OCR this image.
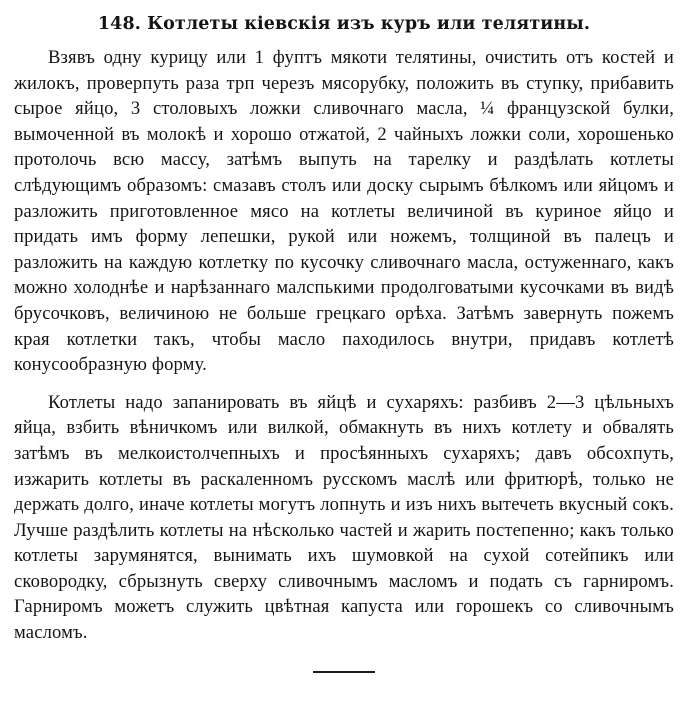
148. Котлеты кіевскія изъ куръ или телятины.

Взявъ одну курицу или 1 фуптъ мякоти телятины, очистить отъ костей и жилокъ, проверпуть раза трп черезъ мясорубку, положить въ ступку, прибавить сырое яйцо, 3 столовыхъ ложки сливочнаго масла, ¼ французской булки, вымоченной въ молокѣ и хорошо отжатой, 2 чайныхъ ложки соли, хорошенько протолочь всю массу, затѣмъ выпуть на тарелку и раздѣлать котлеты слѣдующимъ образомъ: смазавъ столъ или доску сырымъ бѣлкомъ или яйцомъ и разложить приготовленное мясо на котлеты величиной въ куриное яйцо и придать имъ форму лепешки, рукой или ножемъ, толщиной въ палецъ и разложить на каждую котлетку по кусочку сливочнаго масла, остуженнаго, какъ можно холоднѣе и нарѣзаннаго малспькими продолговатыми кусочками въ видѣ брусочковъ, величиною не больше грецкаго орѣха. Затѣмъ завернуть пожемъ края котлетки такъ, чтобы масло паходилось внутри, придавъ котлетѣ конусообразную форму.

Котлеты надо запанировать въ яйцѣ и сухаряхъ: разбивъ 2—3 цѣльныхъ яйца, взбить вѣничкомъ или вилкой, обмакнуть въ нихъ котлету и обвалять затѣмъ въ мелкоистолчепныхъ и просѣянныхъ сухаряхъ; давъ обсохпуть, изжарить котлеты въ раскаленномъ русскомъ маслѣ или фритюрѣ, только не держать долго, иначе котлеты могутъ лопнуть и изъ нихъ вытечеть вкусный сокъ. Лучше раздѣлить котлеты на нѣсколько частей и жарить постепенно; какъ только котлеты зарумянятся, вынимать ихъ шумовкой на сухой сотейпикъ или сковородку, сбрызнуть сверху сливочнымъ масломъ и подать съ гарниромъ. Гарниромъ можетъ служить цвѣтная капуста или горошекъ со сливочнымъ масломъ.
